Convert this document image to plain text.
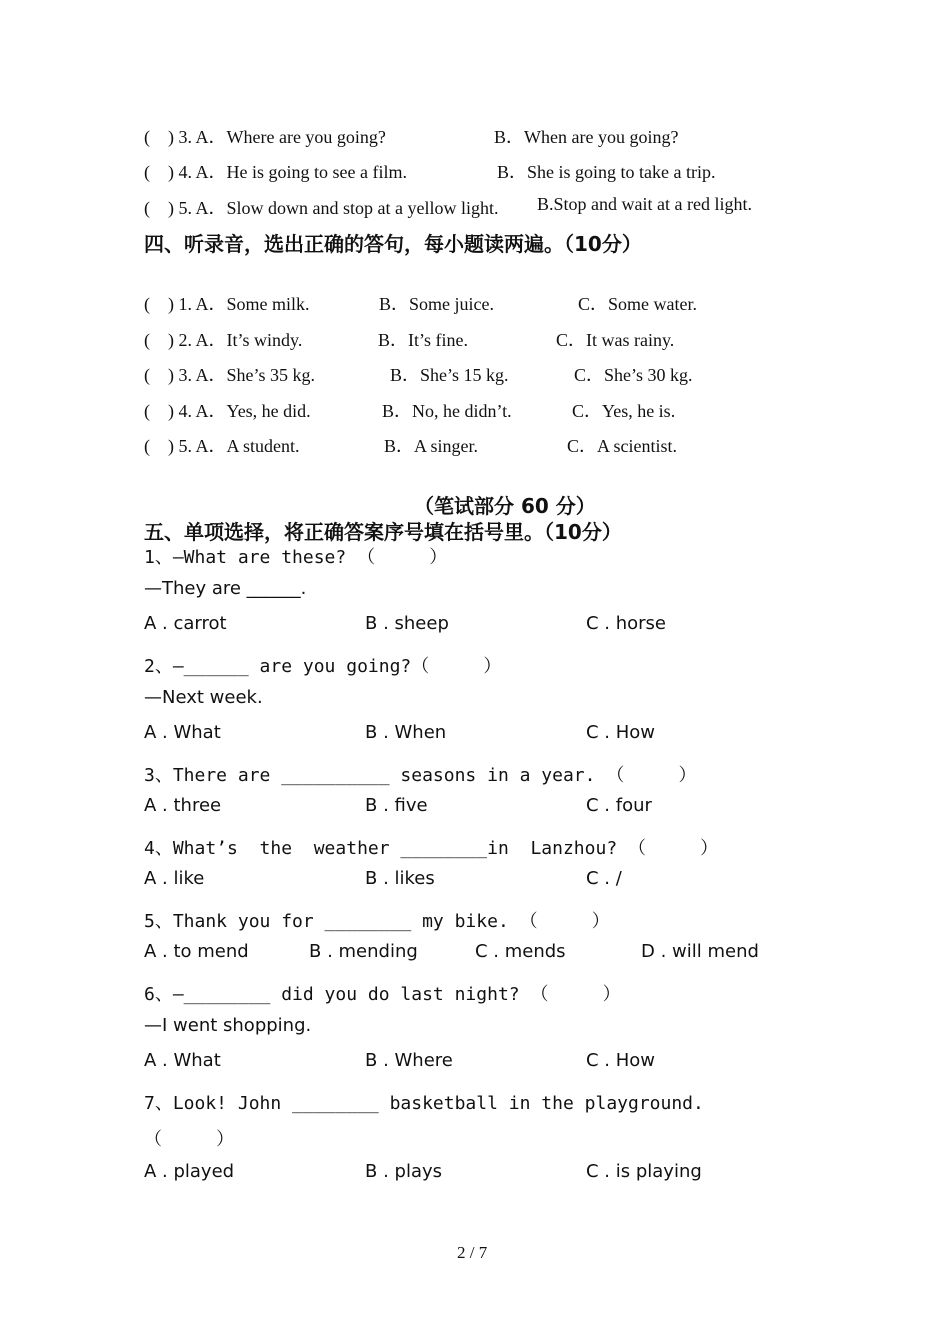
(    ) 3. A．Where are you going?	B．When are you going?
(    ) 4. A．He is going to see a film.	B．She is going to take a trip.
(    ) 5. A．Slow down and stop at a yellow light. B.Stop and wait at a red light.
四、听录音，选出正确的答句，每小题读两遍。（10分）
(    ) 1. A．Some milk.	B．Some juice.	C．Some water.
(    ) 2. A．It’s windy.	B．It’s fine.	C．It was rainy.
(    ) 3. A．She’s 35 kg.	B．She’s 15 kg.	C．She’s 30 kg.
(    ) 4. A．Yes, he did.	B．No, he didn’t.	C．Yes, he is.
(    ) 5. A．A student.	B．A singer.	C．A scientist.
（笔试部分 60 分）
五、单项选择，将正确答案序号填在括号里。（10分）
1、—What are these? （     ）
—They are ______.
A . carrot	B . sheep	C . horse
2、—______ are you going?（     ）
—Next week.
A . What	B . When	C . How
3、There are __________ seasons in a year. （     ）
A . three	B . five	C . four
4、What’s  the  weather ________in  Lanzhou? （     ）
A . like	B . likes	C . /
5、Thank you for ________ my bike. （     ）
A . to mend	B . mending	C . mends	D . will mend
6、—________ did you do last night? （     ）
—I went shopping.
A . What	B . Where	C . How
7、Look! John ________ basketball in the playground.
（     ）
A . played	B . plays	C . is playing
2 / 7
